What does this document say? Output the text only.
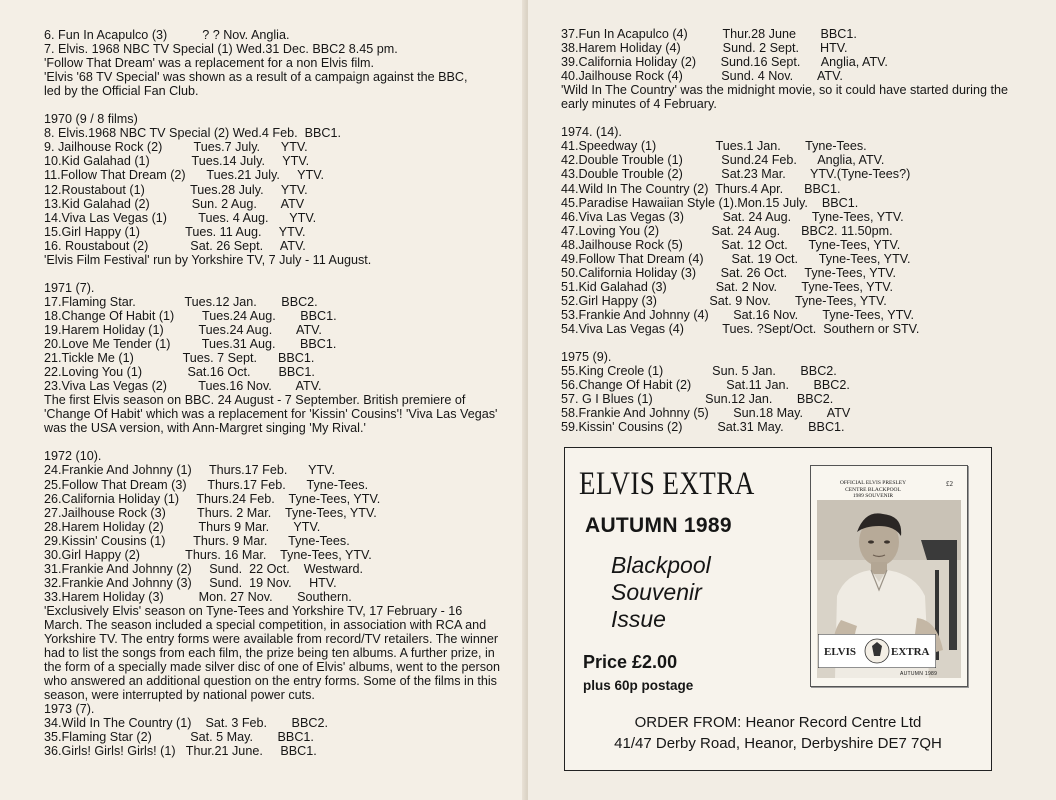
6. Fun In Acapulco (3)          ? ? Nov. Anglia.
7. Elvis. 1968 NBC TV Special (1) Wed.31 Dec. BBC2 8.45 pm.
'Follow That Dream' was a replacement for a non Elvis film.
'Elvis '68 TV Special' was shown as a result of a campaign against the BBC,
led by the Official Fan Club.
1970 (9 / 8 films)
8. Elvis.1968 NBC TV Special (2) Wed.4 Feb.  BBC1.
9. Jailhouse Rock (2)         Tues.7 July.      YTV.
10.Kid Galahad (1)            Tues.14 July.     YTV.
11.Follow That Dream (2)      Tues.21 July.     YTV.
12.Roustabout (1)             Tues.28 July.     YTV.
13.Kid Galahad (2)            Sun. 2 Aug.       ATV
14.Viva Las Vegas (1)         Tues. 4 Aug.      YTV.
15.Girl Happy (1)             Tues. 11 Aug.     YTV.
16. Roustabout (2)            Sat. 26 Sept.     ATV.
'Elvis Film Festival' run by Yorkshire TV, 7 July - 11 August.
1971 (7).
17.Flaming Star.              Tues.12 Jan.       BBC2.
18.Change Of Habit (1)        Tues.24 Aug.       BBC1.
19.Harem Holiday (1)          Tues.24 Aug.       ATV.
20.Love Me Tender (1)         Tues.31 Aug.       BBC1.
21.Tickle Me (1)              Tues. 7 Sept.      BBC1.
22.Loving You (1)             Sat.16 Oct.        BBC1.
23.Viva Las Vegas (2)         Tues.16 Nov.       ATV.
The first Elvis season on BBC. 24 August - 7 September. British premiere of 'Change Of Habit' which was a replacement for 'Kissin' Cousins'! 'Viva Las Vegas' was the USA version, with Ann-Margret singing 'My Rival.'
1972 (10).
24.Frankie And Johnny (1)     Thurs.17 Feb.      YTV.
25.Follow That Dream (3)      Thurs.17 Feb.      Tyne-Tees.
26.California Holiday (1)     Thurs.24 Feb.    Tyne-Tees, YTV.
27.Jailhouse Rock (3)         Thurs. 2 Mar.    Tyne-Tees, YTV.
28.Harem Holiday (2)          Thurs 9 Mar.       YTV.
29.Kissin' Cousins (1)        Thurs. 9 Mar.      Tyne-Tees.
30.Girl Happy (2)             Thurs. 16 Mar.    Tyne-Tees, YTV.
31.Frankie And Johnny (2)     Sund.  22 Oct.    Westward.
32.Frankie And Johnny (3)     Sund.  19 Nov.     HTV.
33.Harem Holiday (3)          Mon. 27 Nov.       Southern.
'Exclusively Elvis' season on Tyne-Tees and Yorkshire TV, 17 February - 16 March. The season included a special competition, in association with RCA and Yorkshire TV. The entry forms were available from record/TV retailers. The winner had to list the songs from each film, the prize being ten albums. A further prize, in the form of a specially made silver disc of one of Elvis' albums, went to the person who answered an additional question on the entry forms. Some of the films in this season, were interrupted by national power cuts.
1973 (7).
34.Wild In The Country (1)    Sat. 3 Feb.       BBC2.
35.Flaming Star (2)           Sat. 5 May.       BBC1.
36.Girls! Girls! Girls! (1)   Thur.21 June.     BBC1.
37.Fun In Acapulco (4)          Thur.28 June       BBC1.
38.Harem Holiday (4)            Sund. 2 Sept.      HTV.
39.California Holiday (2)       Sund.16 Sept.      Anglia, ATV.
40.Jailhouse Rock (4)           Sund. 4 Nov.       ATV.
'Wild In The Country' was the midnight movie, so it could have started during the early minutes of 4 February.
1974. (14).
41.Speedway (1)                 Tues.1 Jan.       Tyne-Tees.
42.Double Trouble (1)           Sund.24 Feb.      Anglia, ATV.
43.Double Trouble (2)           Sat.23 Mar.       YTV.(Tyne-Tees?)
44.Wild In The Country (2)  Thurs.4 Apr.      BBC1.
45.Paradise Hawaiian Style (1).Mon.15 July.    BBC1.
46.Viva Las Vegas (3)           Sat. 24 Aug.      Tyne-Tees, YTV.
47.Loving You (2)               Sat. 24 Aug.      BBC2. 11.50pm.
48.Jailhouse Rock (5)           Sat. 12 Oct.      Tyne-Tees, YTV.
49.Follow That Dream (4)        Sat. 19 Oct.      Tyne-Tees, YTV.
50.California Holiday (3)       Sat. 26 Oct.     Tyne-Tees, YTV.
51.Kid Galahad (3)              Sat. 2 Nov.       Tyne-Tees, YTV.
52.Girl Happy (3)               Sat. 9 Nov.       Tyne-Tees, YTV.
53.Frankie And Johnny (4)       Sat.16 Nov.       Tyne-Tees, YTV.
54.Viva Las Vegas (4)           Tues. ?Sept/Oct.  Southern or STV.
1975 (9).
55.King Creole (1)              Sun. 5 Jan.       BBC2.
56.Change Of Habit (2)          Sat.11 Jan.       BBC2.
57. G I Blues (1)               Sun.12 Jan.       BBC2.
58.Frankie And Johnny (5)       Sun.18 May.       ATV
59.Kissin' Cousins (2)          Sat.31 May.       BBC1.
ELVIS EXTRA
AUTUMN 1989
Blackpool
Souvenir
Issue
Price £2.00
plus 60p postage
ORDER FROM: Heanor Record Centre Ltd
41/47 Derby Road, Heanor, Derbyshire DE7 7QH
OFFICIAL ELVIS PRESLEY
CENTRE BLACKPOOL
1989 SOUVENIR
£2
ELVIS	EXTRA
AUTUMN 1989
